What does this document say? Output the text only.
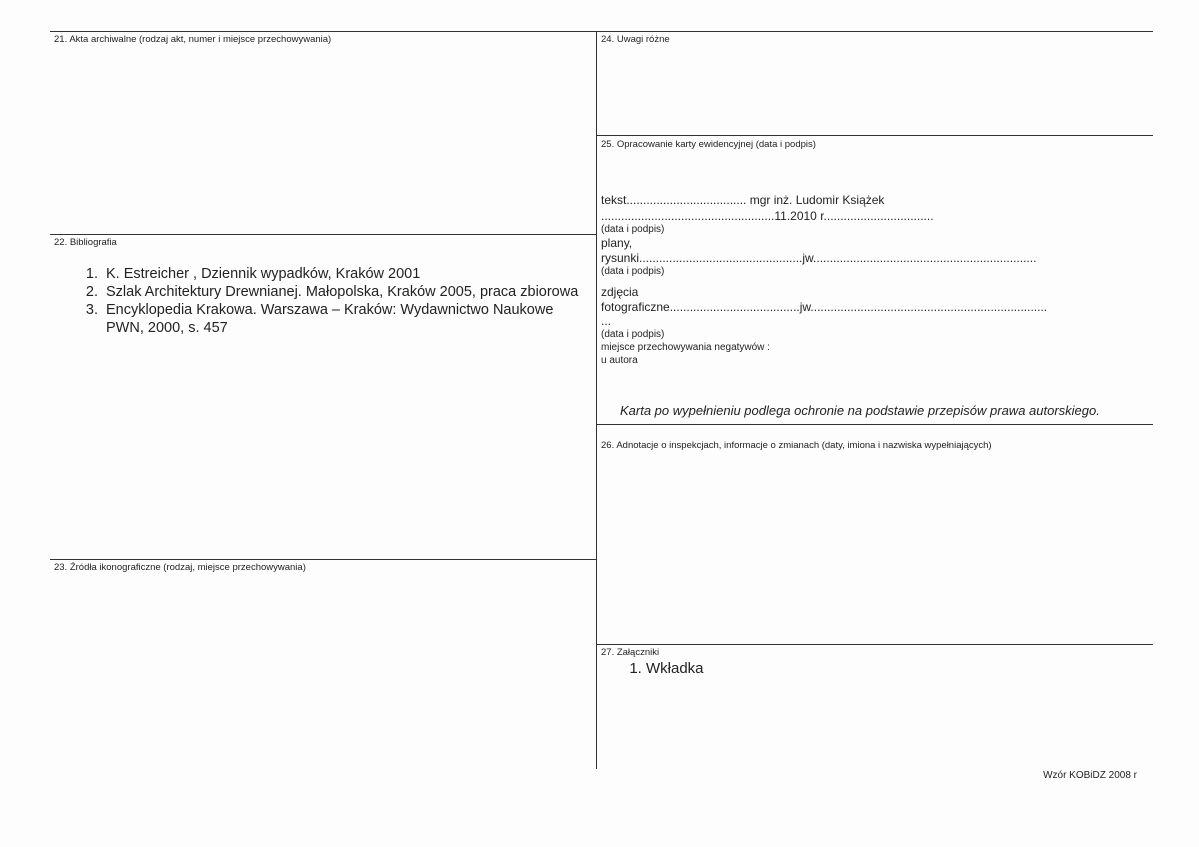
21. Akta archiwalne (rodzaj akt, numer i miejsce przechowywania)
22. Bibliografia
1. K. Estreicher , Dziennik wypadków, Kraków 2001
2. Szlak Architektury Drewnianej. Małopolska, Kraków 2005, praca zbiorowa
3. Encyklopedia Krakowa. Warszawa – Kraków: Wydawnictwo Naukowe PWN, 2000, s. 457
23. Źródła ikonograficzne (rodzaj, miejsce przechowywania)
24. Uwagi różne
25. Opracowanie karty ewidencyjnej (data i podpis)
tekst.................................... mgr inż. Ludomir Książek
....................................................11.2010 r.................................
(data i podpis)
plany,
rysunki.................................................jw...................................................................
(data i podpis)
zdjęcia
fotograficzne.......................................jw.......................................................................
...
(data i podpis)
miejsce przechowywania negatywów :
u autora
Karta po wypełnieniu podlega ochronie na podstawie przepisów prawa autorskiego.
26. Adnotacje o inspekcjach, informacje o zmianach (daty, imiona i nazwiska wypełniających)
27. Załączniki
1. Wkładka
Wzór KOBiDZ 2008 r
